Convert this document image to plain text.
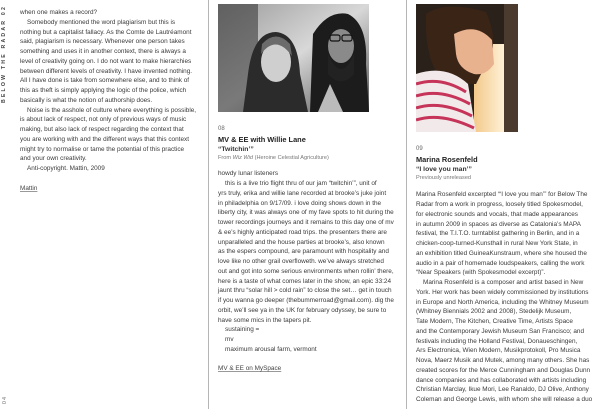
BELOW THE RADAR 02
04
when one makes a record?
Somebody mentioned the word plagiarism but this is
nothing but a capitalist fallacy. As the Comte de Lautréamont
said, plagiarism is necessary. Whenever one person takes
something and uses it in another context, there is always a
level of creativity going on. I do not want to make hierarchies
between different levels of creativity. I have invented nothing.
All I have done is take from somewhere else, and to think of
this as theft is simply applying the logic of the police, which
basically is what the notion of authorship does.
Noise is the asshole of culture where everything is possible,
is about lack of respect, not only of previous ways of music
making, but also lack of respect regarding the context that
you are working with and the different ways that this context
might try to normalise or tame the potential of this practice
and your own creativity.
Anti-copyright. Mattin, 2009
Mattin
08
MV & EE with Willie Lane
“Twitchin’”
From Wiz Wid (Heroine Celestial Agriculture)
howdy lunar listeners
this is a live trio flight thru of our jam “twitchin’”, unit of
yrs truly, erika and willie lane recorded at brooke’s juke joint
in philadelphia on 9/17/09. i love doing shows down in the
liberty city, it was always one of my fave spots to hit during the
tower recordings journeys and it remains to this day one of mv
& ee’s highly anticipated road trips. the presenters there are
unparalleled and the house parties at brooke’s, also known
as the espers compound, are paramount with hospitality and
love like no other grail overfloweth. we’ve always stretched
out and got into some serious environments when rollin’ there,
here is a taste of what comes later in the show, an epic 33:24
jaunt thru “solar hill > cold rain” to close the set… get in touch
if you wanna go deeper (thebummerroad@gmail.com). dig the
orbit, we’ll see ya in the UK for february odyssey, be sure to
have some mics in the tapers pit.
sustaining =
mv
maximum arousal farm, vermont
MV & EE on MySpace
09
Marina Rosenfeld
“I love you man’”
Previously unreleased
Marina Rosenfeld excerpted “‘I love you man’” for Below The
Radar from a work in progress, loosely titled Spokesmodel,
for electronic sounds and vocals, that made appearances
in autumn 2009 in spaces as diverse as Catalonia’s MAPA
festival, the T.I.T.O. turntablist gathering in Berlin, and in a
chicken-coop-turned-Kunsthall in rural New York State, in
an exhibition titled GuineaKunstraum, where she housed the
audio in a pair of homemade loudspeakers, calling the work
“Near Speakers (with Spokesmodel excerpt)”.
Marina Rosenfeld is a composer and artist based in New
York. Her work has been widely commissioned by institutions
in Europe and North America, including the Whitney Museum
(Whitney Biennials 2002 and 2008), Stedelijk Museum,
Tate Modern, The Kitchen, Creative Time, Artists Space
and the Contemporary Jewish Museum San Francisco; and
festivals including the Holland Festival, Donaueschingen,
Ars Electronica, Wien Modern, Musikprotokoll, Pro Musica
Nova, Maerz Musik and Mutek, among many others. She has
created scores for the Merce Cunningham and Douglas Dunn
dance companies and has collaborated with artists including
Christian Marclay, Ikue Mori, Lee Ranaldo, DJ Olive, Anthony
Coleman and George Lewis, with whom she will release a duo
